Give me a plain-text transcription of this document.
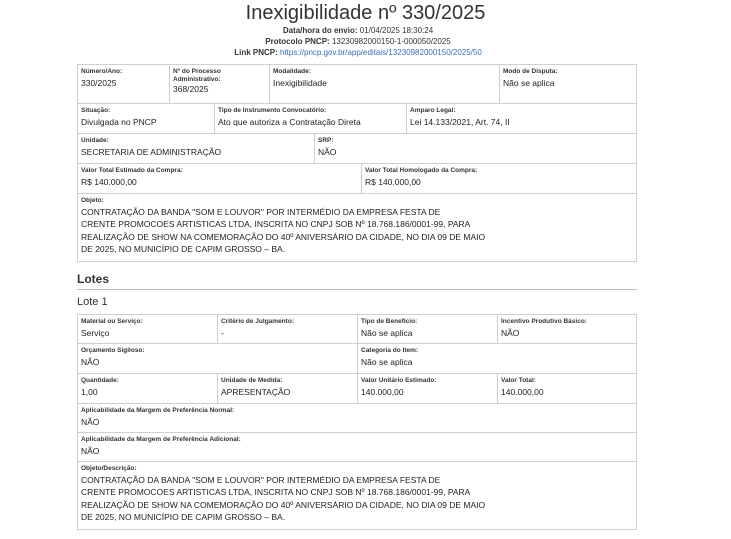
Inexigibilidade nº 330/2025
Data/hora do envio: 01/04/2025 18:30:24
Protocolo PNCP: 13230982000150-1-000050/2025
Link PNCP: https://pncp.gov.br/app/editais/13230982000150/2025/50
Número/Ano:
330/2025
Nº do Processo
Administrativo:
368/2025
Modalidade:
Inexigibilidade
Modo de Disputa:
Não se aplica
Situação:
Divulgada no PNCP
Tipo de Instrumento Convocatório:
Ato que autoriza a Contratação Direta
Amparo Legal:
Lei 14.133/2021, Art. 74, II
Unidade:
SECRETARIA DE ADMINISTRAÇÃO
SRP:
NÃO
Valor Total Estimado da Compra:
R$ 140.000,00
Valor Total Homologado da Compra:
R$ 140.000,00
Objeto:
CONTRATAÇÃO DA BANDA "SOM E LOUVOR" POR INTERMÉDIO DA EMPRESA FESTA DE
CRENTE PROMOCOES ARTISTICAS LTDA, INSCRITA NO CNPJ SOB Nº 18.768.186/0001-99, PARA
REALIZAÇÃO DE SHOW NA COMEMORAÇÃO DO 40º ANIVERSÁRIO DA CIDADE, NO DIA 09 DE MAIO
DE 2025, NO MUNICÍPIO DE CAPIM GROSSO – BA.
Lotes
Lote 1
Material ou Serviço:
Serviço
Critério de Julgamento:
-
Tipo de Benefício:
Não se aplica
Incentivo Produtivo Básico:
NÃO
Orçamento Sigiloso:
NÃO
Categoria do Item:
Não se aplica
Quantidade:
1,00
Unidade de Medida:
APRESENTAÇÃO
Valor Unitário Estimado:
140.000,00
Valor Total:
140.000,00
Aplicabilidade da Margem de Preferência Normal:
NÃO
Aplicabilidade da Margem de Preferência Adicional:
NÃO
Objeto/Descrição:
CONTRATAÇÃO DA BANDA "SOM E LOUVOR" POR INTERMÉDIO DA EMPRESA FESTA DE
CRENTE PROMOCOES ARTISTICAS LTDA, INSCRITA NO CNPJ SOB Nº 18.768.186/0001-99, PARA
REALIZAÇÃO DE SHOW NA COMEMORAÇÃO DO 40º ANIVERSÁRIO DA CIDADE, NO DIA 09 DE MAIO
DE 2025, NO MUNICÍPIO DE CAPIM GROSSO – BA.
